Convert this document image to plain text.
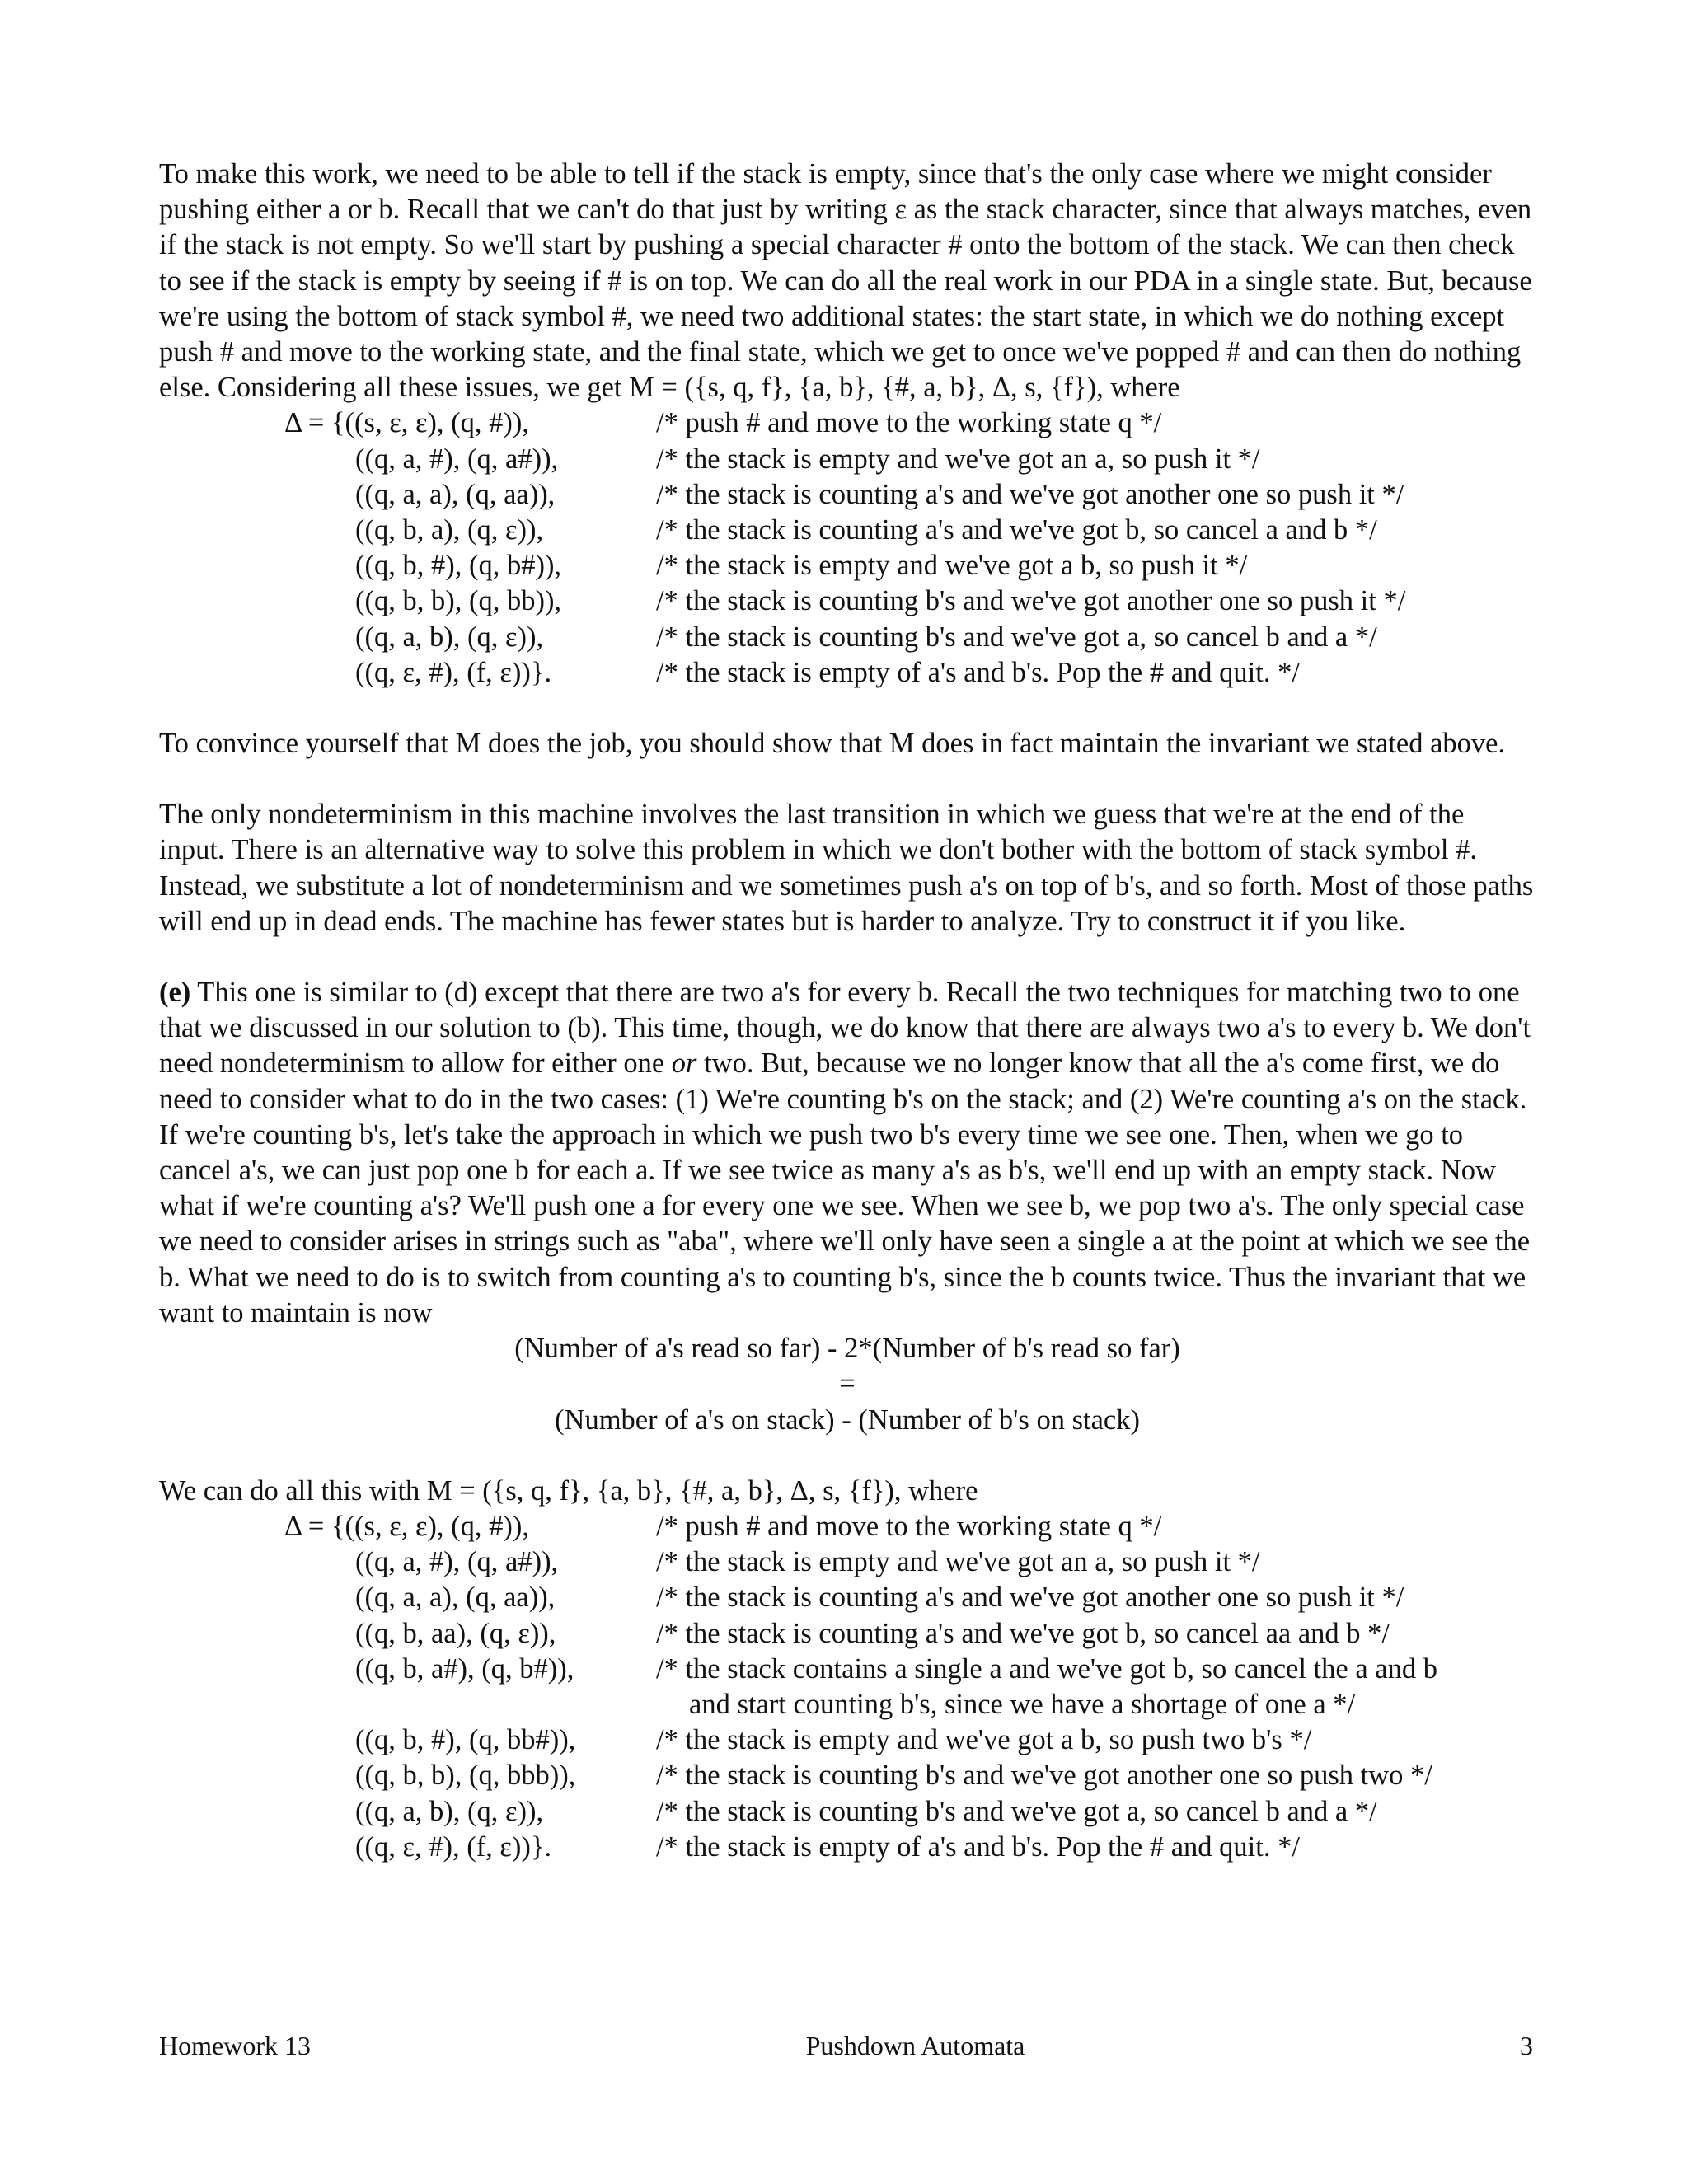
To make this work, we need to be able to tell if the stack is empty, since that's the only case where we might consider pushing either a or b. Recall that we can't do that just by writing ε as the stack character, since that always matches, even if the stack is not empty. So we'll start by pushing a special character # onto the bottom of the stack. We can then check to see if the stack is empty by seeing if # is on top. We can do all the real work in our PDA in a single state. But, because we're using the bottom of stack symbol #, we need two additional states: the start state, in which we do nothing except push # and move to the working state, and the final state, which we get to once we've popped # and can then do nothing else. Considering all these issues, we get M = ({s, q, f}, {a, b}, {#, a, b}, Δ, s, {f}), where

Δ = {((s, ε, ε), (q, #)),	/* push # and move to the working state q */
((q, a, #), (q, a#)),	/* the stack is empty and we've got an a, so push it */
((q, a, a), (q, aa)),	/* the stack is counting a's and we've got another one so push it */
((q, b, a), (q, ε)),	/* the stack is counting a's and we've got b, so cancel a and b */
((q, b, #), (q, b#)),	/* the stack is empty and we've got a b, so push it */
((q, b, b), (q, bb)),	/* the stack is counting b's and we've got another one so push it */
((q, a, b), (q, ε)),	/* the stack is counting b's and we've got a, so cancel b and a */
((q, ε, #), (f, ε))}.	/* the stack is empty of a's and b's. Pop the # and quit. */

To convince yourself that M does the job, you should show that M does in fact maintain the invariant we stated above.

The only nondeterminism in this machine involves the last transition in which we guess that we're at the end of the input. There is an alternative way to solve this problem in which we don't bother with the bottom of stack symbol #. Instead, we substitute a lot of nondeterminism and we sometimes push a's on top of b's, and so forth. Most of those paths will end up in dead ends. The machine has fewer states but is harder to analyze. Try to construct it if you like.

(e) This one is similar to (d) except that there are two a's for every b. Recall the two techniques for matching two to one that we discussed in our solution to (b). This time, though, we do know that there are always two a's to every b. We don't need nondeterminism to allow for either one or two. But, because we no longer know that all the a's come first, we do need to consider what to do in the two cases: (1) We're counting b's on the stack; and (2) We're counting a's on the stack. If we're counting b's, let's take the approach in which we push two b's every time we see one. Then, when we go to cancel a's, we can just pop one b for each a. If we see twice as many a's as b's, we'll end up with an empty stack. Now what if we're counting a's? We'll push one a for every one we see. When we see b, we pop two a's. The only special case we need to consider arises in strings such as "aba", where we'll only have seen a single a at the point at which we see the b. What we need to do is to switch from counting a's to counting b's, since the b counts twice. Thus the invariant that we want to maintain is now

(Number of a's read so far) - 2*(Number of b's read so far)

=

(Number of a's on stack) - (Number of b's on stack)

We can do all this with M = ({s, q, f}, {a, b}, {#, a, b}, Δ, s, {f}), where

Δ = {((s, ε, ε), (q, #)),	/* push # and move to the working state q */
((q, a, #), (q, a#)),	/* the stack is empty and we've got an a, so push it */
((q, a, a), (q, aa)),	/* the stack is counting a's and we've got another one so push it */
((q, b, aa), (q, ε)),	/* the stack is counting a's and we've got b, so cancel aa and b */
((q, b, a#), (q, b#)),	/* the stack contains a single a and we've got b, so cancel the a and b
and start counting b's, since we have a shortage of one a */
((q, b, #), (q, bb#)),	/* the stack is empty and we've got a b, so push two b's */
((q, b, b), (q, bbb)),	/* the stack is counting b's and we've got another one so push two */
((q, a, b), (q, ε)),	/* the stack is counting b's and we've got a, so cancel b and a */
((q, ε, #), (f, ε))}.	/* the stack is empty of a's and b's. Pop the # and quit. */
Homework 13	Pushdown Automata	3
